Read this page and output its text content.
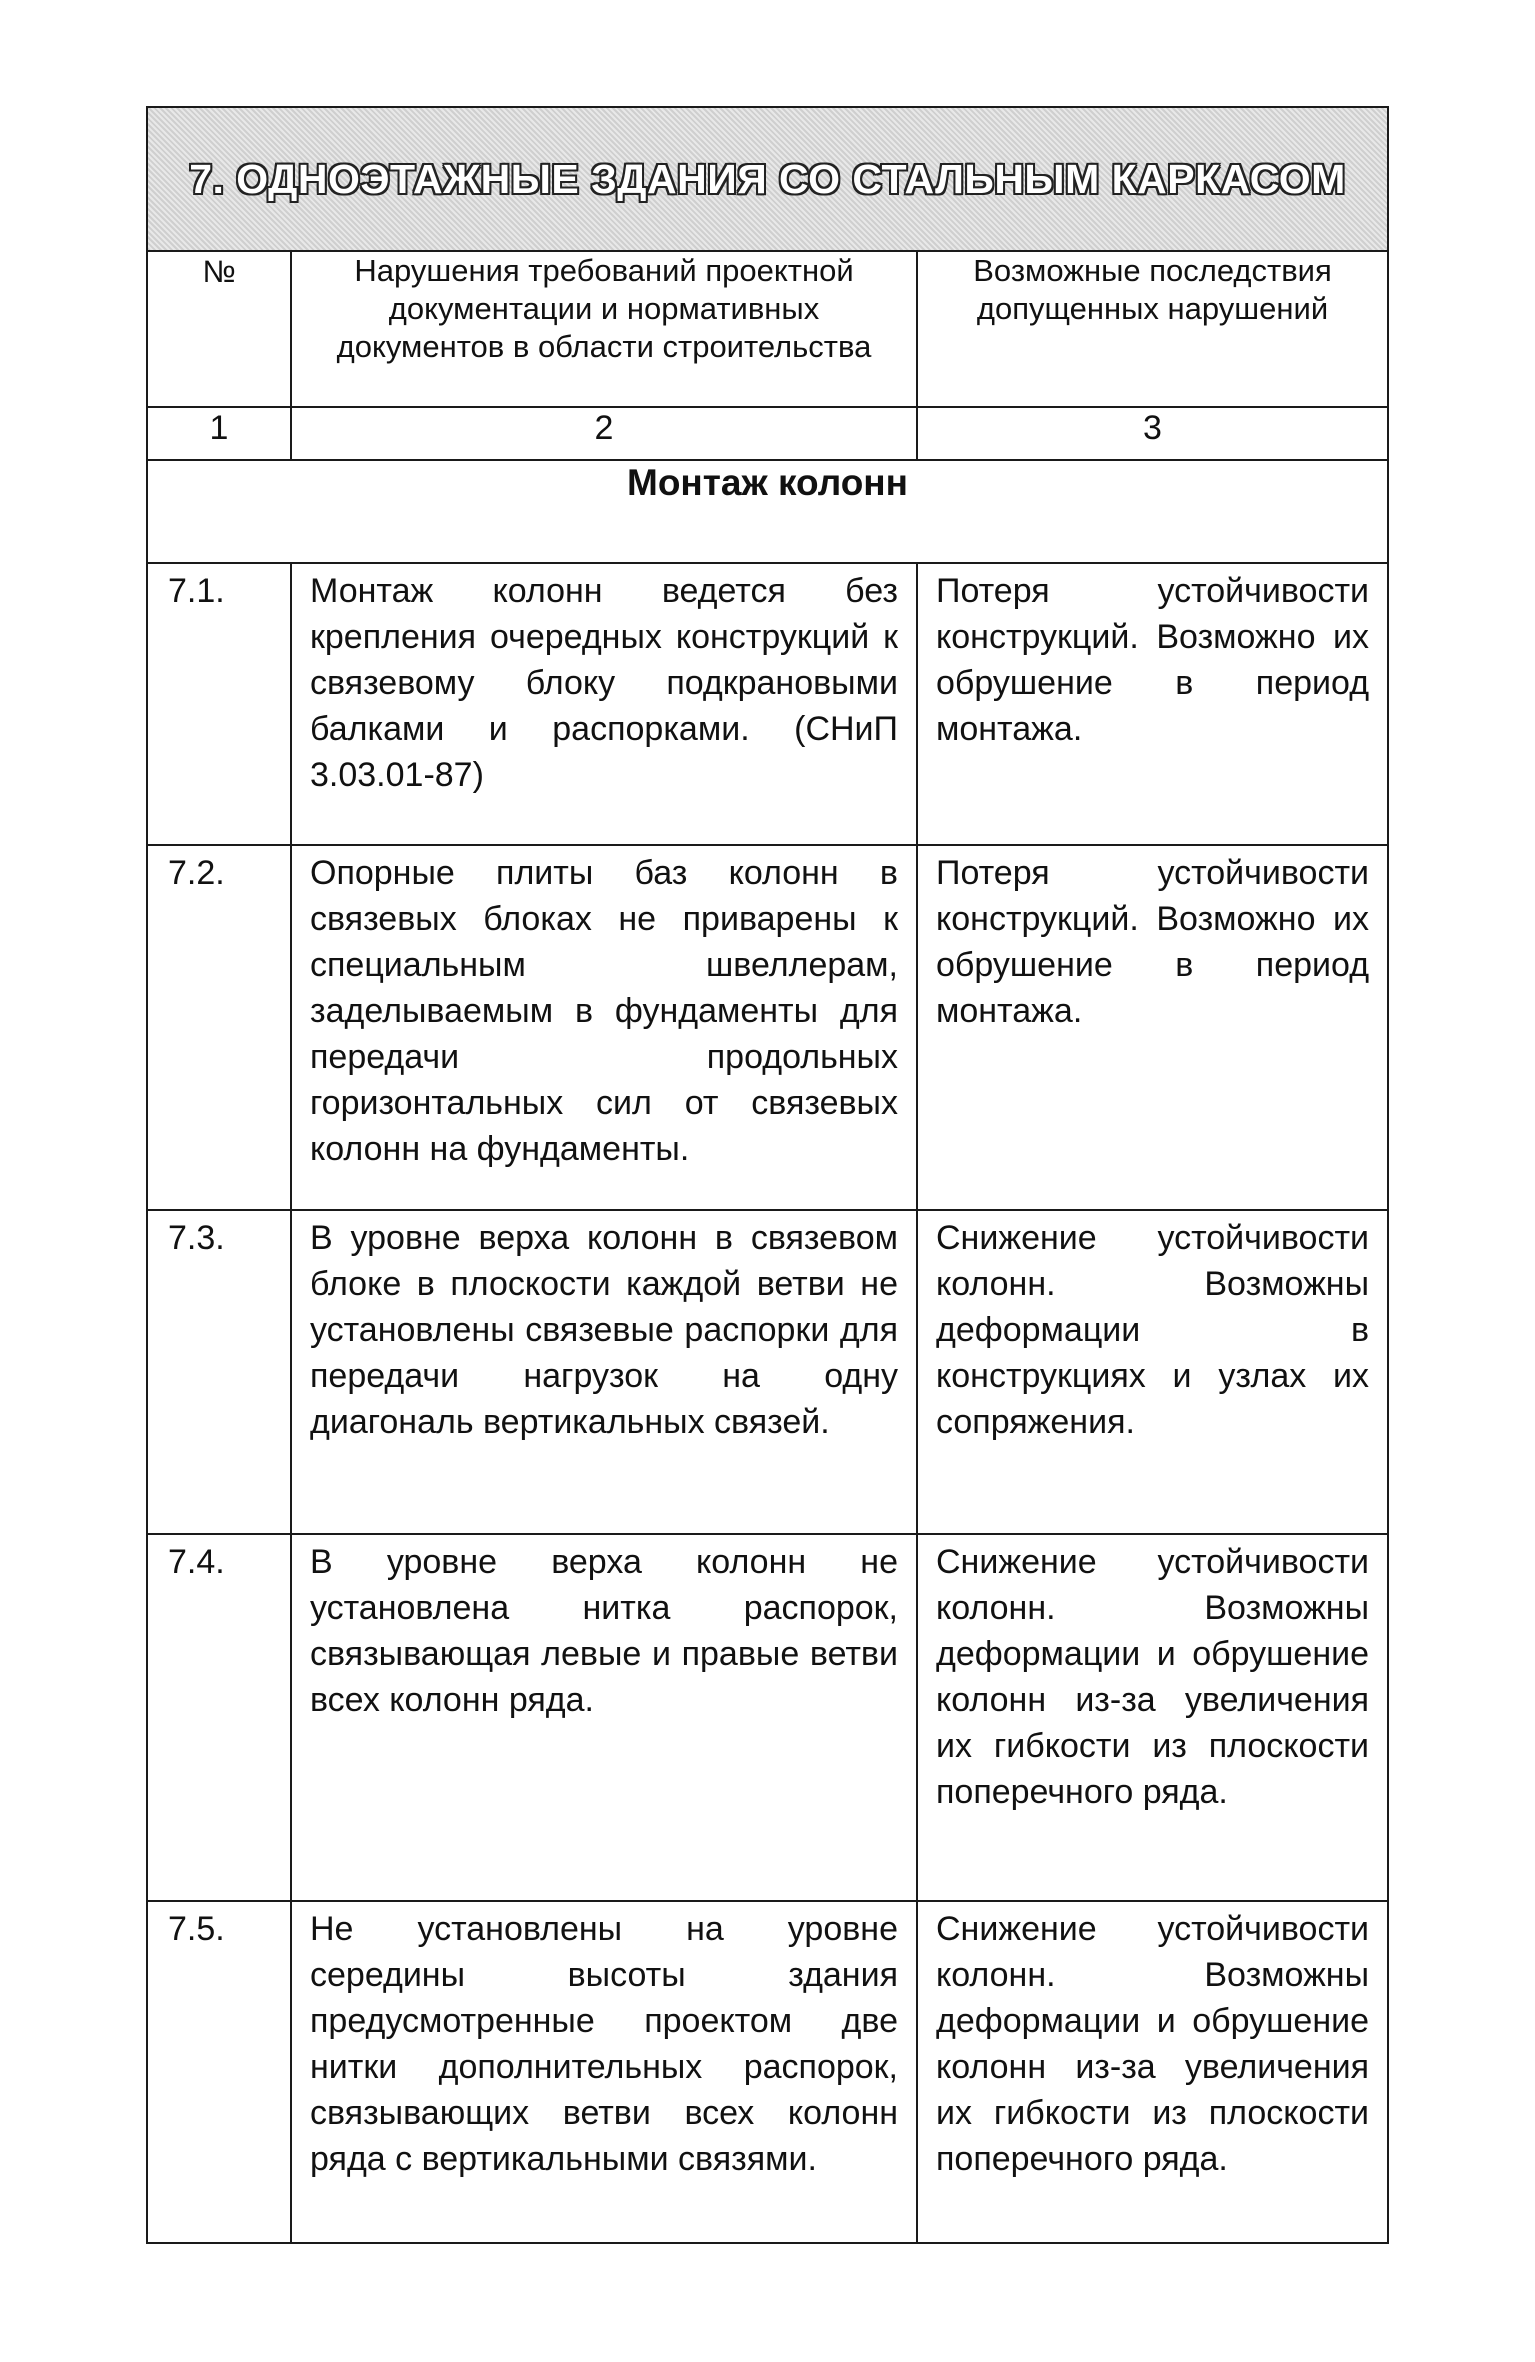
7. ОДНОЭТАЖНЫЕ ЗДАНИЯ СО СТАЛЬНЫМ КАРКАСОМ		
№	Нарушения требований проектной документации и нормативных документов в области строительства	Возможные последствия допущенных нарушений
1	2	3
Монтаж колонн		
7.1.	Монтаж колонн ведется без крепления очередных конструкций к связевому блоку подкрановыми балками и распорками. (СНиП 3.03.01-87)	Потеря устойчивости конструкций. Возможно их обрушение в период монтажа.
7.2.	Опорные плиты баз колонн в связевых блоках не приварены к специальным швеллерам, заделываемым в фундаменты для передачи продольных горизонтальных сил от связевых колонн на фундаменты.	Потеря устойчивости конструкций. Возможно их обрушение в период монтажа.
7.3.	В уровне верха колонн в связевом блоке в плоскости каждой ветви не установлены связевые распорки для передачи нагрузок на одну диагональ вертикальных связей.	Снижение устойчивости колонн. Возможны деформации в конструкциях и узлах их сопряжения.
7.4.	В уровне верха колонн не установлена нитка распорок, связывающая левые и правые ветви всех колонн ряда.	Снижение устойчивости колонн. Возможны деформации и обрушение колонн из-за увеличения их гибкости из плоскости поперечного ряда.
7.5.	Не установлены на уровне середины высоты здания предусмотренные проектом две нитки дополнительных распорок, связывающих ветви всех колонн ряда с вертикальными связями.	Снижение устойчивости колонн. Возможны деформации и обрушение колонн из-за увеличения их гибкости из плоскости поперечного ряда.
